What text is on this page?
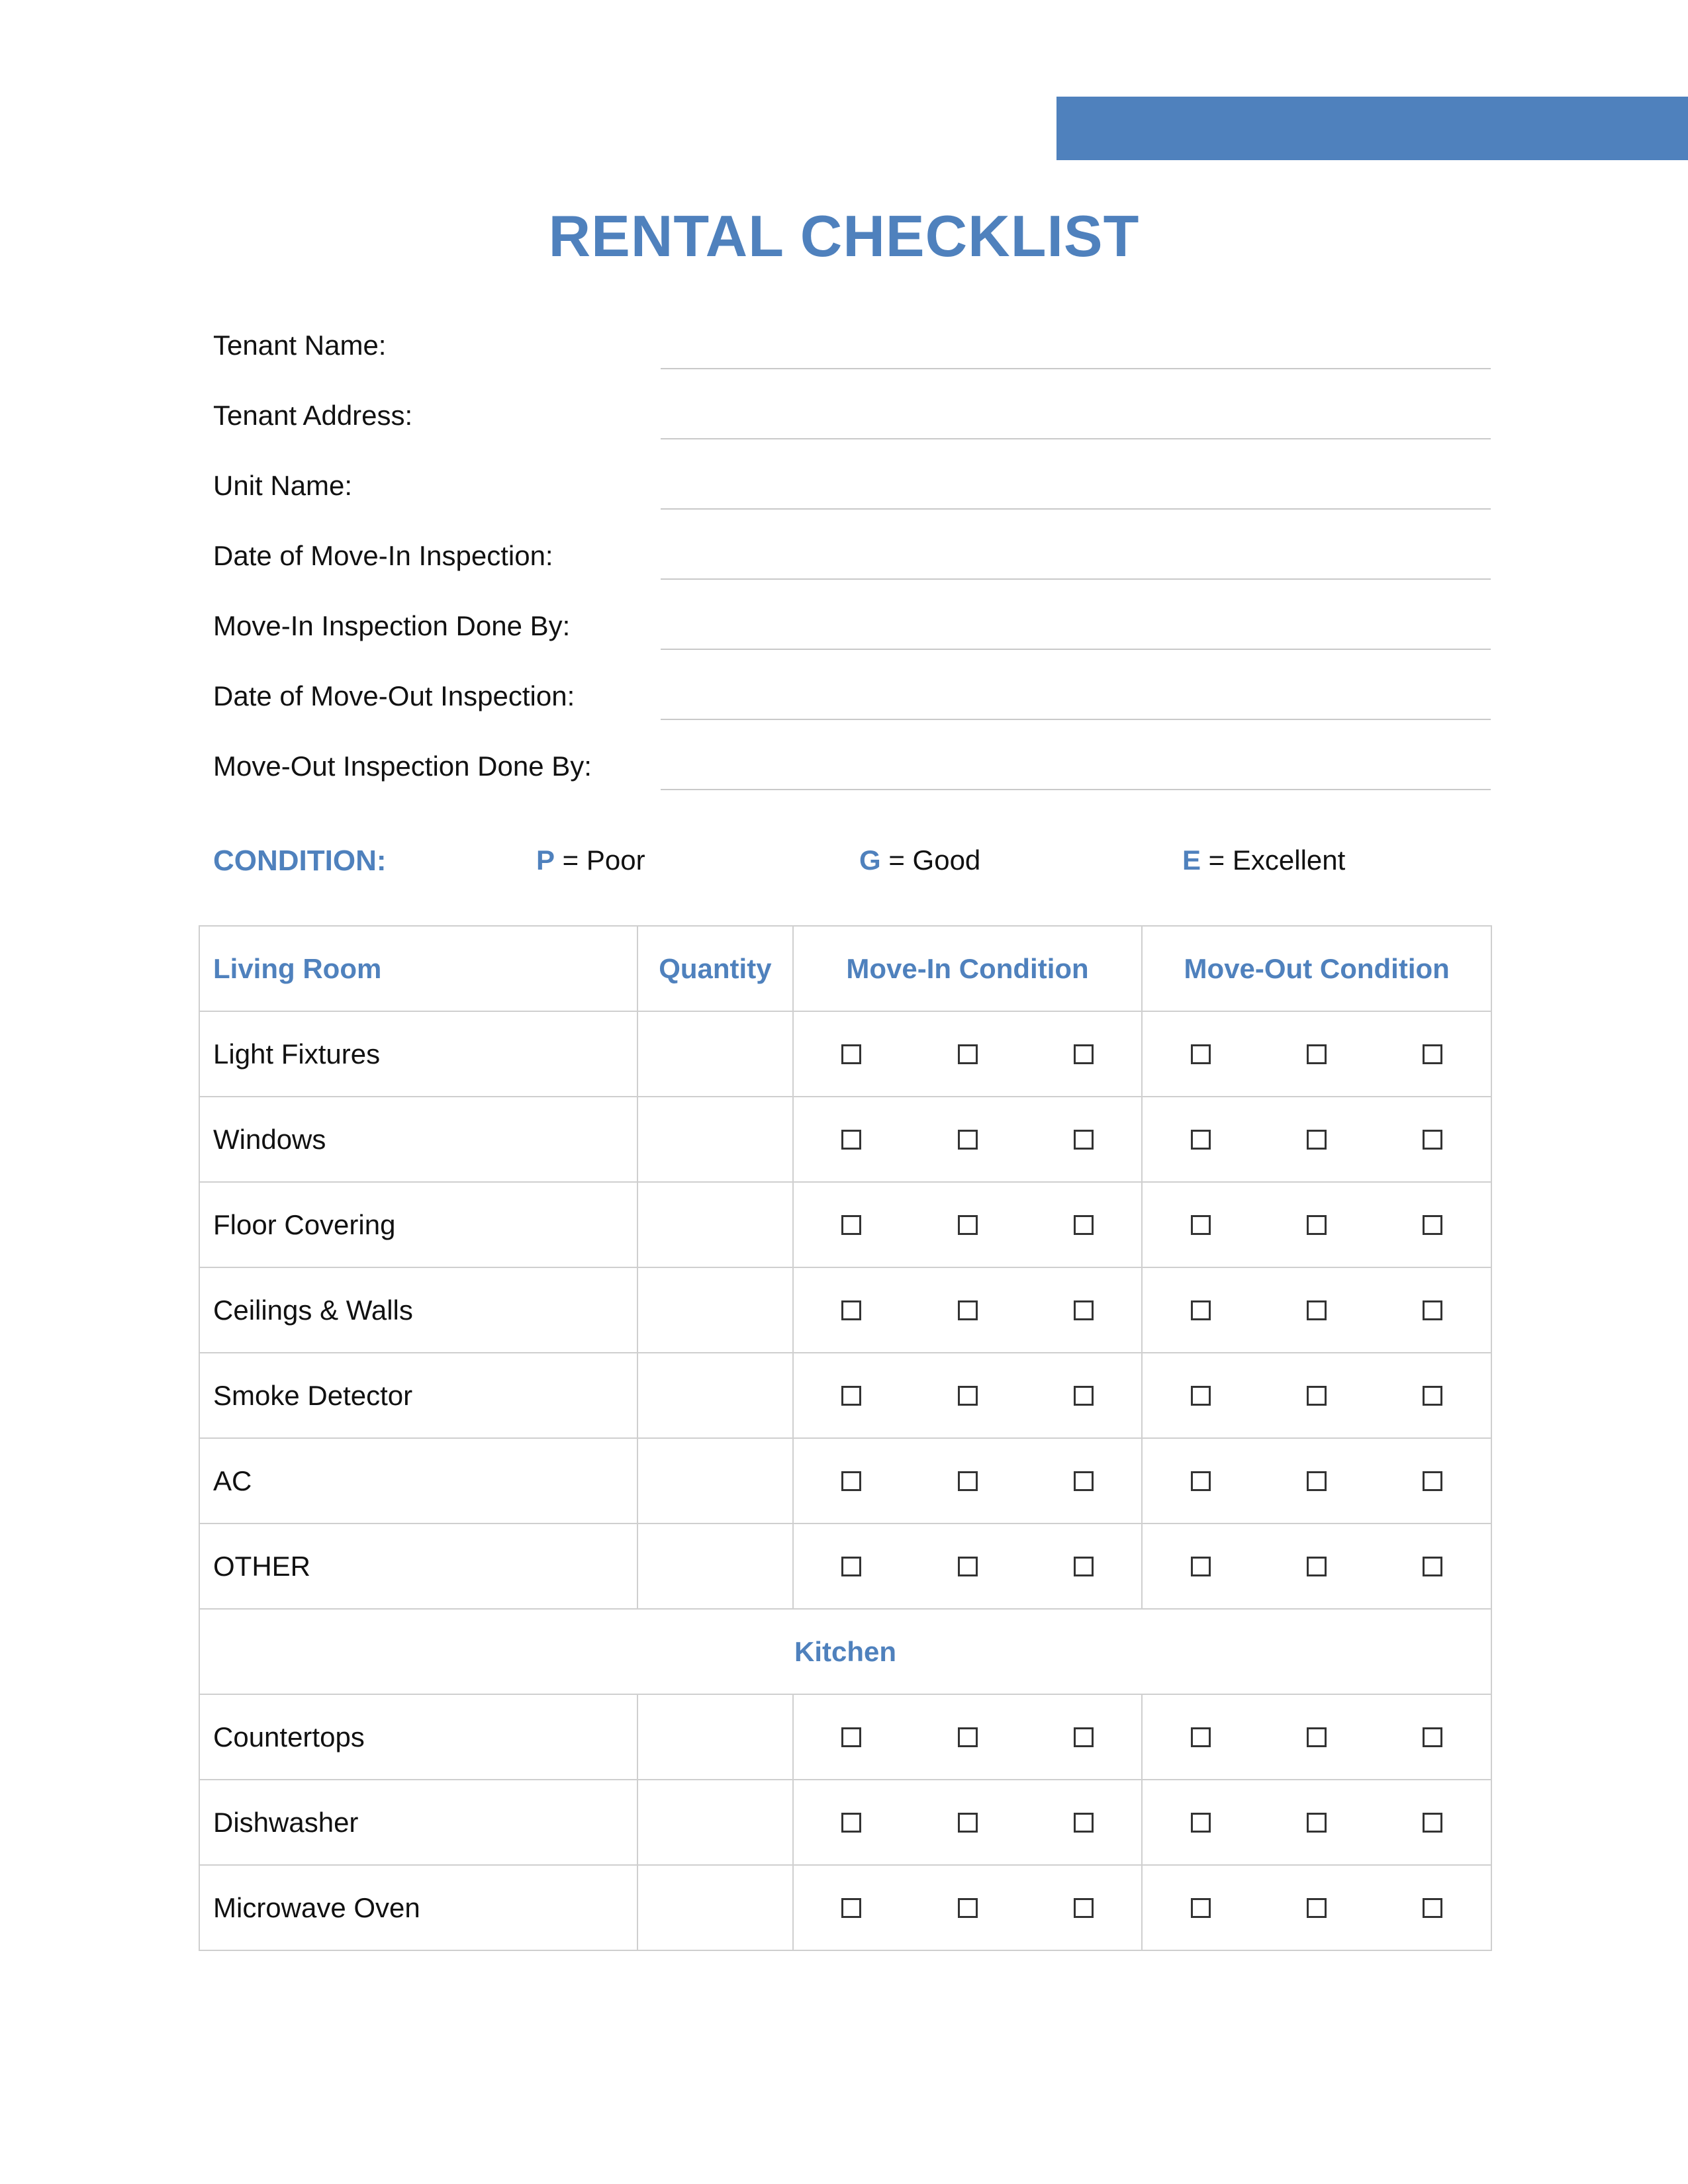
RENTAL CHECKLIST
Tenant Name:
Tenant Address:
Unit Name:
Date of Move-In Inspection:
Move-In Inspection Done By:
Date of Move-Out Inspection:
Move-Out Inspection Done By:
CONDITION:	P = Poor	G = Good	E = Excellent
Living Room	Quantity	Move-In Condition	Move-Out Condition
Light Fixtures		

Windows		

Floor Covering		

Ceilings & Walls		

Smoke Detector		

AC		

OTHER		

Kitchen			
Countertops		

Dishwasher		

Microwave Oven		
